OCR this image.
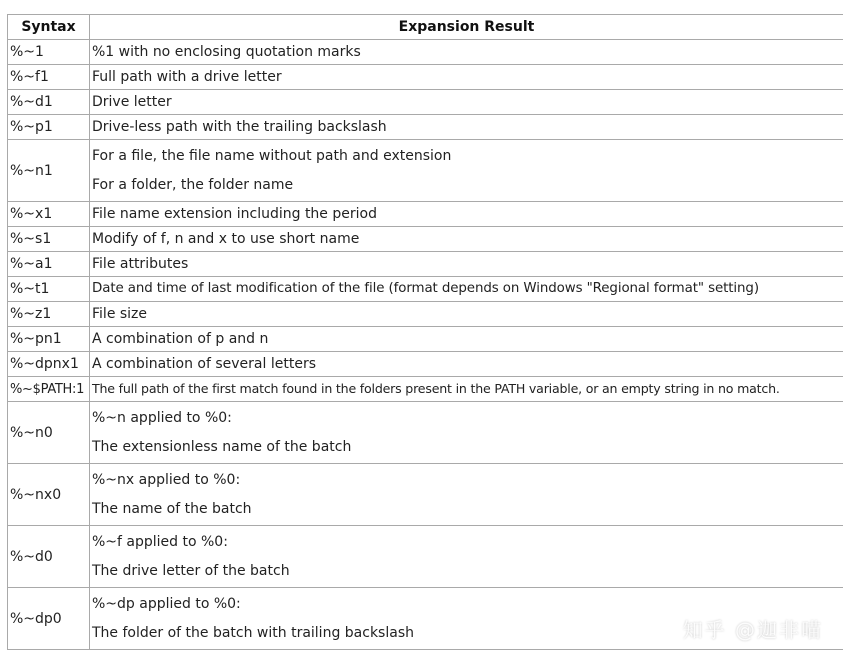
Syntax	Expansion Result
%~1	%1 with no enclosing quotation marks

%~f1	Full path with a drive letter

%~d1	Drive letter

%~p1	Drive-less path with the trailing backslash

%~n1	For a file, the file name without path and extension
For a folder, the folder name

%~x1	File name extension including the period

%~s1	Modify of f, n and x to use short name

%~a1	File attributes

%~t1	Date and time of last modification of the file (format depends on Windows "Regional format" setting)

%~z1	File size

%~pn1	A combination of p and n

%~dpnx1	A combination of several letters

%~$PATH:1	The full path of the first match found in the folders present in the PATH variable, or an empty string in no match.

%~n0	%~n applied to %0:
The extensionless name of the batch

%~nx0	%~nx applied to %0:
The name of the batch

%~d0	%~f applied to %0:
The drive letter of the batch

%~dp0	%~dp applied to %0:
The folder of the batch with trailing backslash	知乎 @迦非喵
